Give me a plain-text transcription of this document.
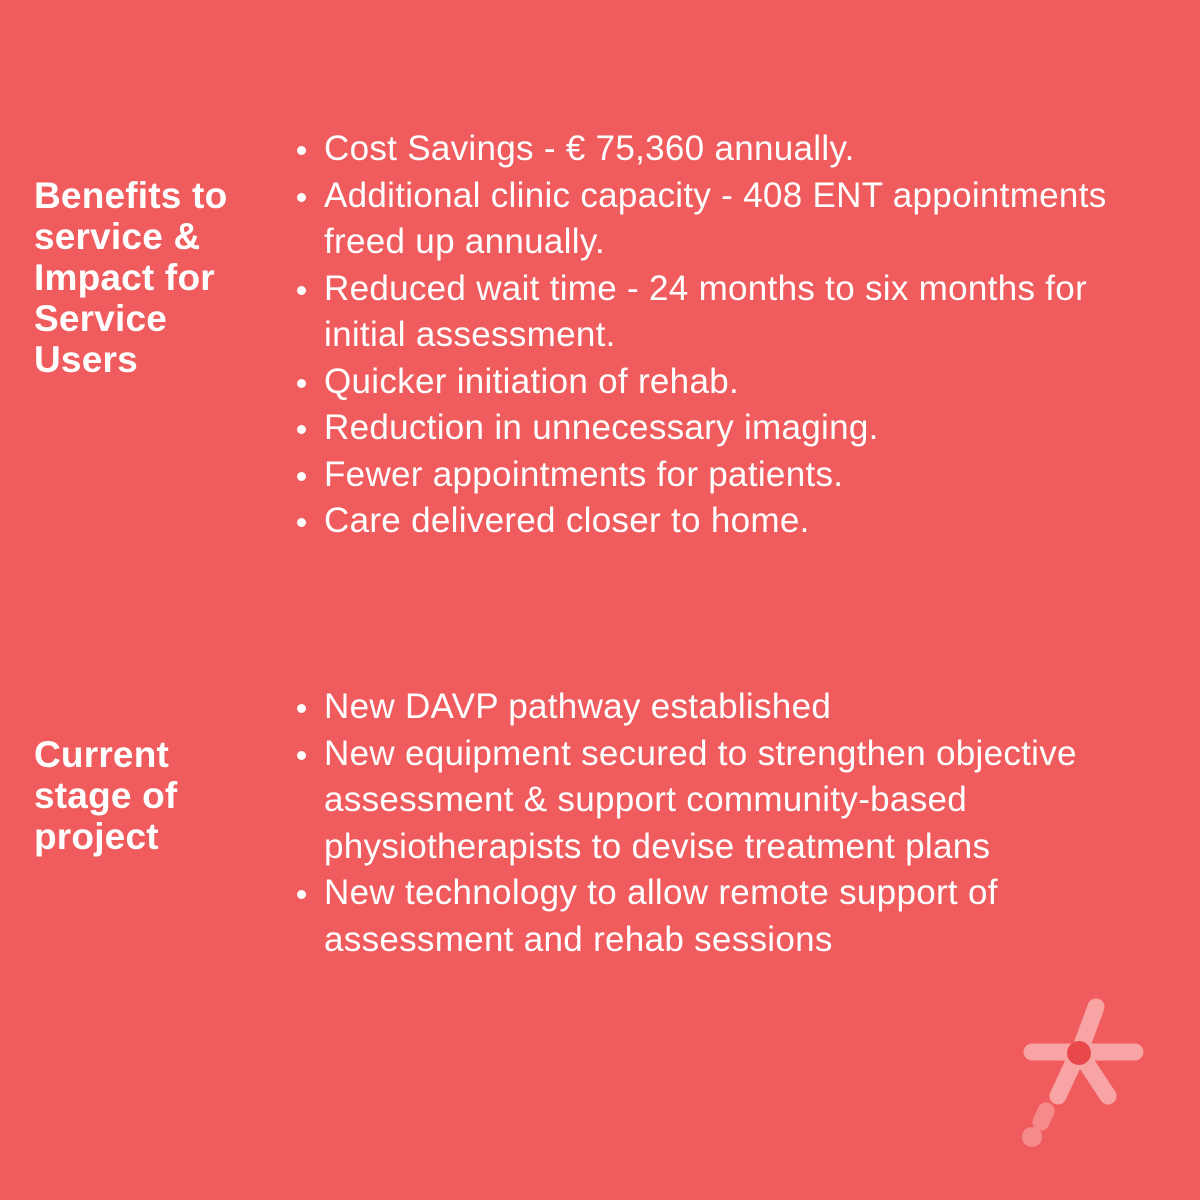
Benefits to service & Impact for Service Users
Cost Savings - € 75,360 annually.
Additional clinic capacity - 408 ENT appointments freed up annually.
Reduced wait time - 24 months to six months for initial assessment.
Quicker initiation of rehab.
Reduction in unnecessary imaging.
Fewer appointments for patients.
Care delivered closer to home.
Current stage of project
New DAVP pathway established
New equipment secured to strengthen objective assessment & support community-based physiotherapists to devise treatment plans
New technology to allow remote support of assessment and rehab sessions
